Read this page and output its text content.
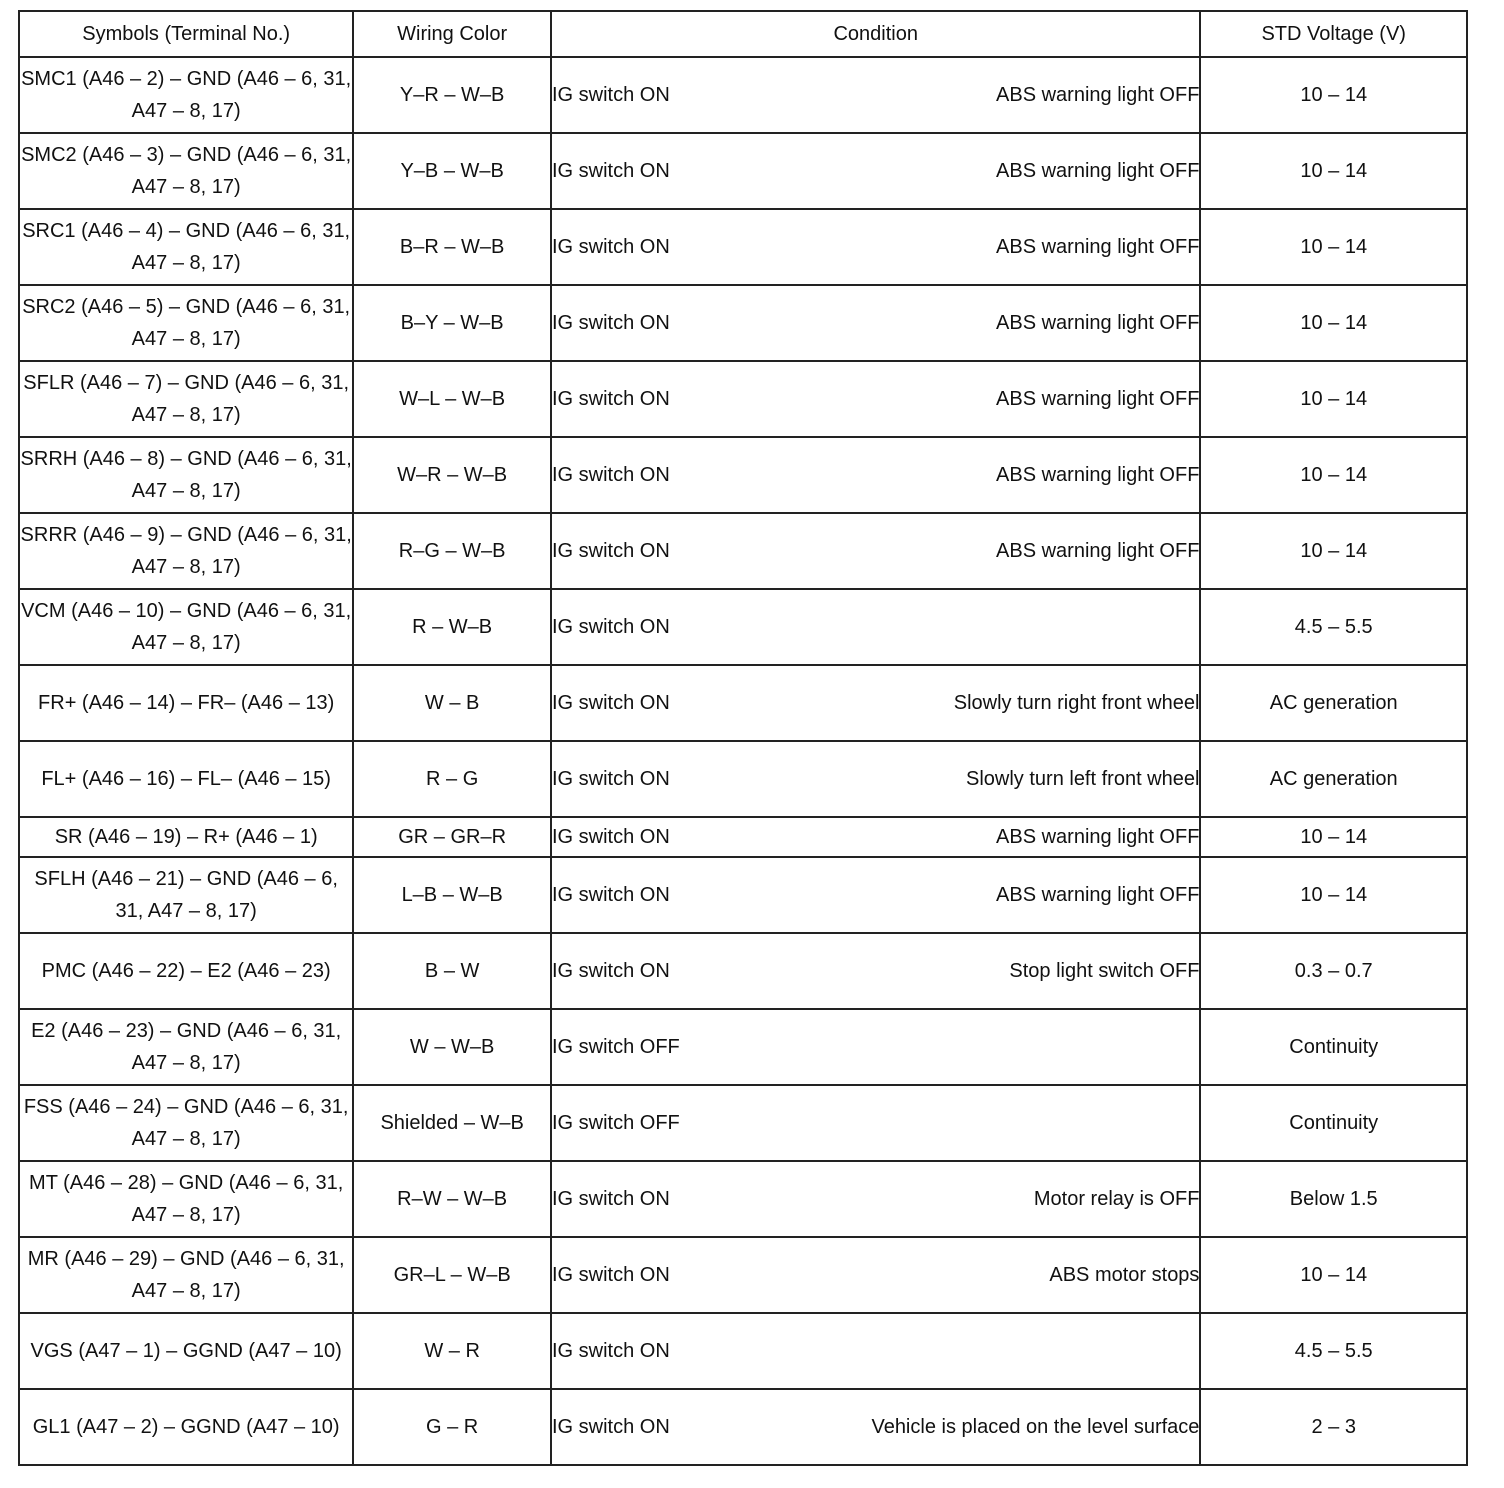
Symbols (Terminal No.)	Wiring Color	Condition	STD Voltage (V)
SMC1 (A46 – 2) – GND (A46 – 6, 31, A47 – 8, 17)	Y–R – W–B	IG switch ON ABS warning light OFF	10 – 14
SMC2 (A46 – 3) – GND (A46 – 6, 31, A47 – 8, 17)	Y–B – W–B	IG switch ON ABS warning light OFF	10 – 14
SRC1 (A46 – 4) – GND (A46 – 6, 31, A47 – 8, 17)	B–R – W–B	IG switch ON ABS warning light OFF	10 – 14
SRC2 (A46 – 5) – GND (A46 – 6, 31, A47 – 8, 17)	B–Y – W–B	IG switch ON ABS warning light OFF	10 – 14
SFLR (A46 – 7) – GND (A46 – 6, 31, A47 – 8, 17)	W–L – W–B	IG switch ON ABS warning light OFF	10 – 14
SRRH (A46 – 8) – GND (A46 – 6, 31, A47 – 8, 17)	W–R – W–B	IG switch ON ABS warning light OFF	10 – 14
SRRR (A46 – 9) – GND (A46 – 6, 31, A47 – 8, 17)	R–G – W–B	IG switch ON ABS warning light OFF	10 – 14
VCM (A46 – 10) – GND (A46 – 6, 31, A47 – 8, 17)	R – W–B	IG switch ON	4.5 – 5.5
FR+ (A46 – 14) – FR– (A46 – 13)	W – B	IG switch ON Slowly turn right front wheel	AC generation
FL+ (A46 – 16) – FL– (A46 – 15)	R – G	IG switch ON Slowly turn left front wheel	AC generation
SR (A46 – 19) – R+ (A46 – 1)	GR – GR–R	IG switch ON ABS warning light OFF	10 – 14
SFLH (A46 – 21) – GND (A46 – 6, 31, A47 – 8, 17)	L–B – W–B	IG switch ON ABS warning light OFF	10 – 14
PMC (A46 – 22) – E2 (A46 – 23)	B – W	IG switch ON Stop light switch OFF	0.3 – 0.7
E2 (A46 – 23) – GND (A46 – 6, 31, A47 – 8, 17)	W – W–B	IG switch OFF	Continuity
FSS (A46 – 24) – GND (A46 – 6, 31, A47 – 8, 17)	Shielded – W–B	IG switch OFF	Continuity
MT (A46 – 28) – GND (A46 – 6, 31, A47 – 8, 17)	R–W – W–B	IG switch ON Motor relay is OFF	Below 1.5
MR (A46 – 29) – GND (A46 – 6, 31, A47 – 8, 17)	GR–L – W–B	IG switch ON ABS motor stops	10 – 14
VGS (A47 – 1) – GGND (A47 – 10)	W – R	IG switch ON	4.5 – 5.5
GL1 (A47 – 2) – GGND (A47 – 10)	G – R	IG switch ON Vehicle is placed on the level surface	2 – 3
